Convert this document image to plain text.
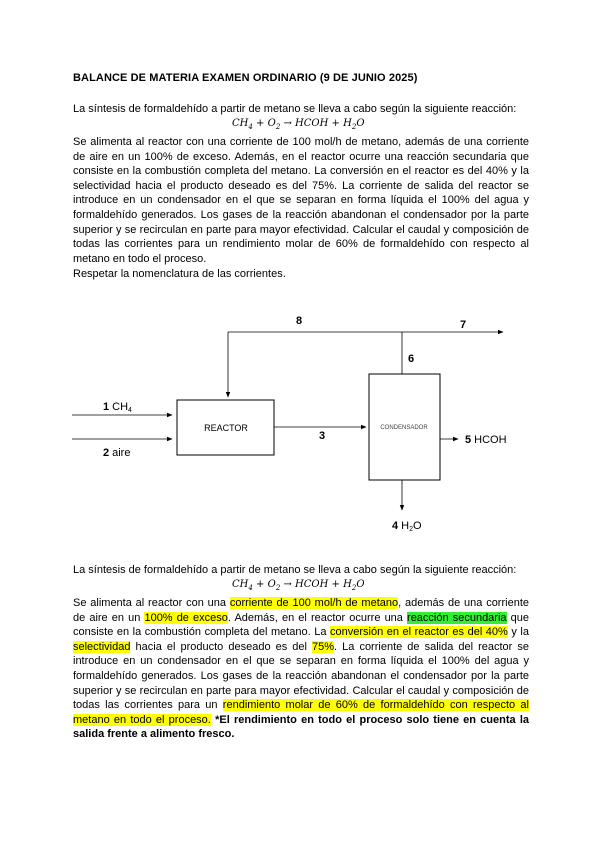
BALANCE DE MATERIA EXAMEN ORDINARIO (9 DE JUNIO 2025)
La síntesis de formaldehído a partir de metano se lleva a cabo según la siguiente reacción:
$CH_4 + O_2$ → HCOH + $H_2O$
Se alimenta al reactor con una corriente de 100 mol/h de metano, además de una corriente de aire en un 100% de exceso. Además, en el reactor ocurre una reacción secundaria que consiste en la combustión completa del metano. La conversión en el reactor es del 40% y la selectividad hacia el producto deseado es del 75%. La corriente de salida del reactor se introduce en un condensador en el que se separan en forma líquida el 100% del agua y formaldehído generados. Los gases de la reacción abandonan el condensador por la parte superior y se recirculan en parte para mayor efectividad. Calcular el caudal y composición de todas las corrientes para un rendimiento molar de 60% de formaldehído con respecto al metano en todo el proceso.
Respetar la nomenclatura de las corrientes.
REACTOR	CONDENSADOR
1 CH4
2 aire
3	5 HCOH
4 H2O
6
7
8
La síntesis de formaldehído a partir de metano se lleva a cabo según la siguiente reacción:
$CH_4 + O_2$ → HCOH + $H_2O$
Se alimenta al reactor con una corriente de 100 mol/h de metano, además de una corriente de aire en un 100% de exceso. Además, en el reactor ocurre una reacción secundaria que consiste en la combustión completa del metano. La conversión en el reactor es del 40% y la selectividad hacia el producto deseado es del 75%. La corriente de salida del reactor se introduce en un condensador en el que se separan en forma líquida el 100% del agua y formaldehído generados. Los gases de la reacción abandonan el condensador por la parte superior y se recirculan en parte para mayor efectividad. Calcular el caudal y composición de todas las corrientes para un rendimiento molar de 60% de formaldehído con respecto al metano en todo el proceso. *El rendimiento en todo el proceso solo tiene en cuenta la salida frente a alimento fresco.
